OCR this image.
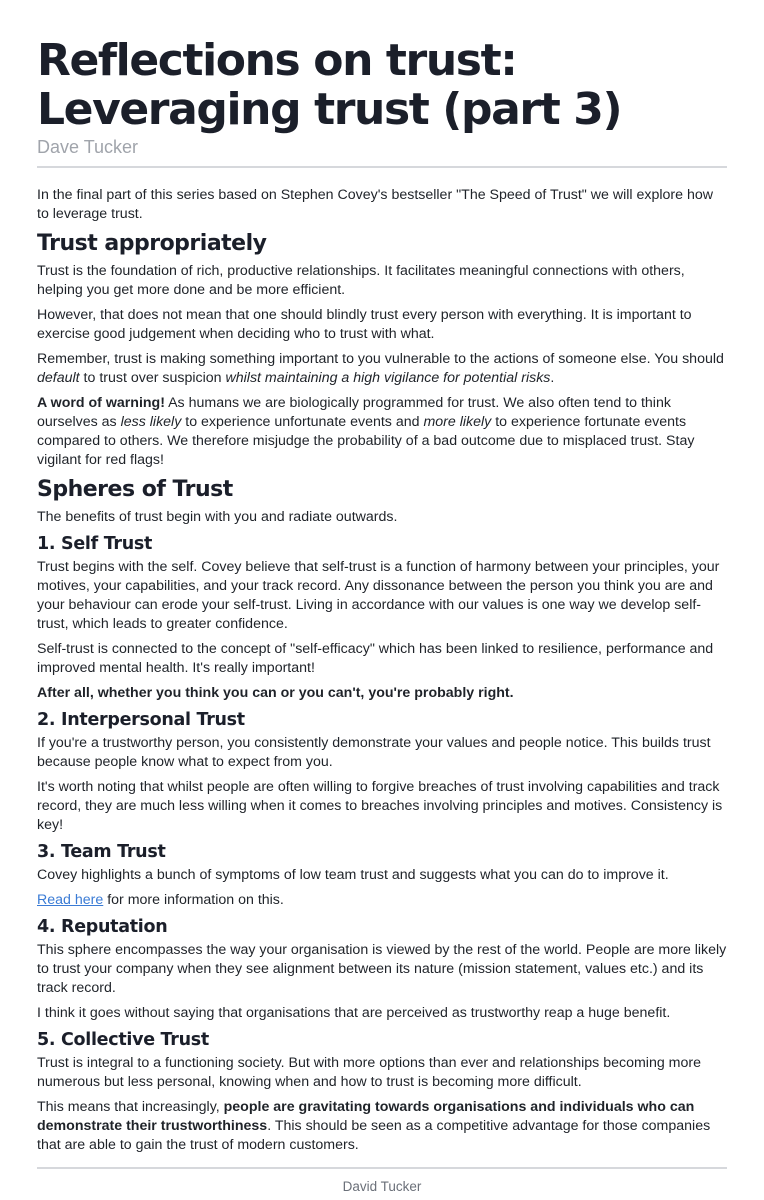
Reflections on trust: Leveraging trust (part 3)
Dave Tucker

In the final part of this series based on Stephen Covey's bestseller "The Speed of Trust" we will explore how to leverage trust.

Trust appropriately

Trust is the foundation of rich, productive relationships. It facilitates meaningful connections with others, helping you get more done and be more efficient.

However, that does not mean that one should blindly trust every person with everything. It is important to exercise good judgement when deciding who to trust with what.

Remember, trust is making something important to you vulnerable to the actions of someone else. You should default to trust over suspicion whilst maintaining a high vigilance for potential risks.

A word of warning! As humans we are biologically programmed for trust. We also often tend to think ourselves as less likely to experience unfortunate events and more likely to experience fortunate events compared to others. We therefore misjudge the probability of a bad outcome due to misplaced trust. Stay vigilant for red flags!

Spheres of Trust

The benefits of trust begin with you and radiate outwards.

1. Self Trust

Trust begins with the self. Covey believe that self-trust is a function of harmony between your principles, your motives, your capabilities, and your track record. Any dissonance between the person you think you are and your behaviour can erode your self-trust. Living in accordance with our values is one way we develop self-trust, which leads to greater confidence.

Self-trust is connected to the concept of "self-efficacy" which has been linked to resilience, performance and improved mental health. It's really important!

After all, whether you think you can or you can't, you're probably right.

2. Interpersonal Trust

If you're a trustworthy person, you consistently demonstrate your values and people notice. This builds trust because people know what to expect from you.

It's worth noting that whilst people are often willing to forgive breaches of trust involving capabilities and track record, they are much less willing when it comes to breaches involving principles and motives. Consistency is key!

3. Team Trust

Covey highlights a bunch of symptoms of low team trust and suggests what you can do to improve it.

Read here for more information on this.

4. Reputation

This sphere encompasses the way your organisation is viewed by the rest of the world. People are more likely to trust your company when they see alignment between its nature (mission statement, values etc.) and its track record.

I think it goes without saying that organisations that are perceived as trustworthy reap a huge benefit.

5. Collective Trust

Trust is integral to a functioning society. But with more options than ever and relationships becoming more numerous but less personal, knowing when and how to trust is becoming more difficult.

This means that increasingly, people are gravitating towards organisations and individuals who can demonstrate their trustworthiness. This should be seen as a competitive advantage for those companies that are able to gain the trust of modern customers.

David Tucker
